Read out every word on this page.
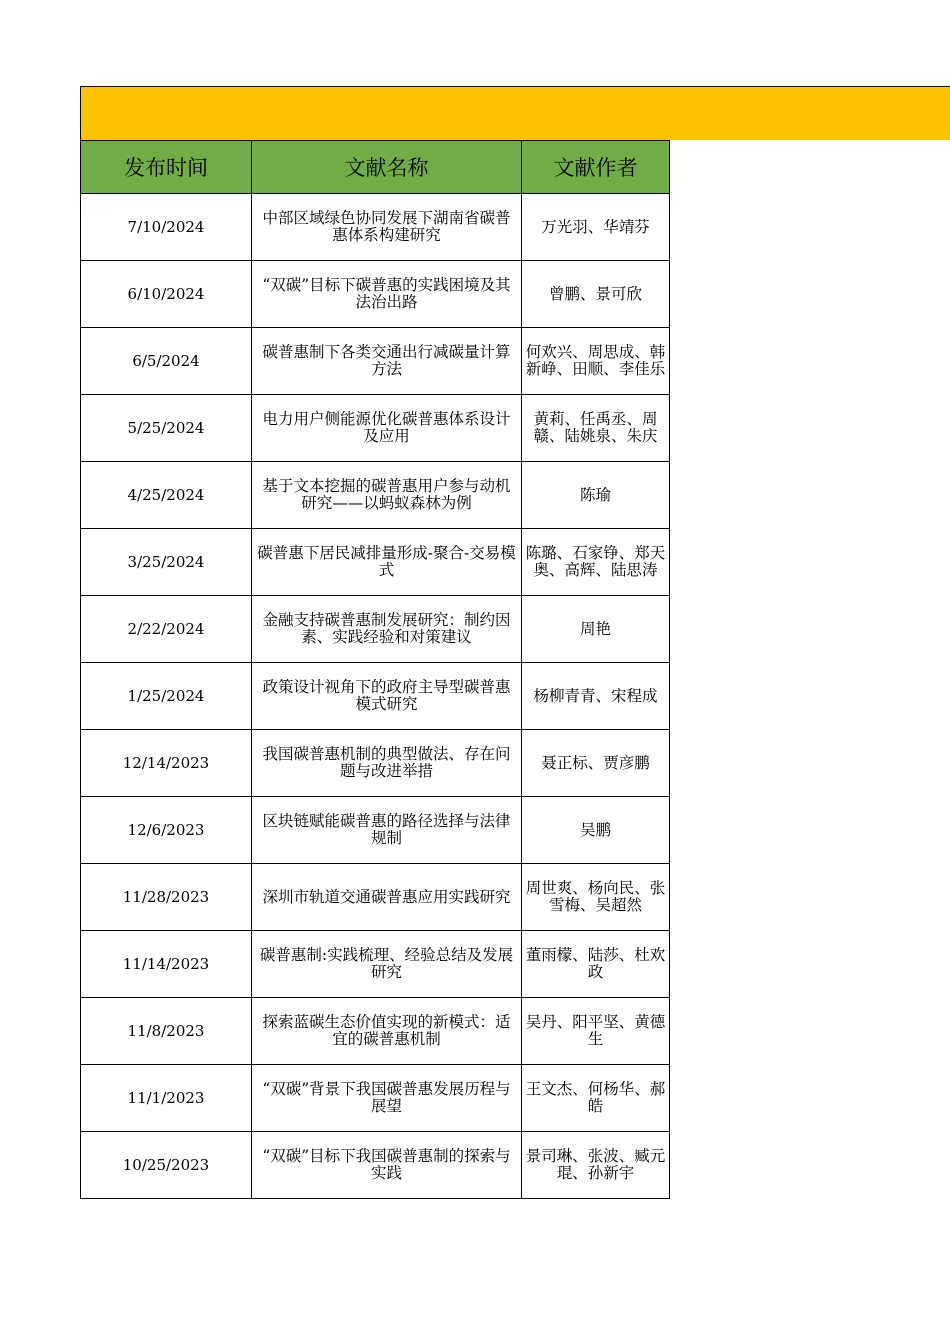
发布时间	文献名称	文献作者
7/10/2024	中部区域绿色协同发展下湖南省碳普惠体系构建研究	万光羽、华靖芬
6/10/2024	“双碳”目标下碳普惠的实践困境及其法治出路	曾鹏、景可欣
6/5/2024	碳普惠制下各类交通出行减碳量计算方法	何欢兴、周思成、韩新峥、田顺、李佳乐
5/25/2024	电力用户侧能源优化碳普惠体系设计及应用	黄莉、任禹丞、周赣、陆姚泉、朱庆
4/25/2024	基于文本挖掘的碳普惠用户参与动机研究——以蚂蚁森林为例	陈瑜
3/25/2024	碳普惠下居民减排量形成-聚合-交易模式	陈璐、石家铮、郑天奥、高辉、陆思涛
2/22/2024	金融支持碳普惠制发展研究：制约因素、实践经验和对策建议	周艳
1/25/2024	政策设计视角下的政府主导型碳普惠模式研究	杨柳青青、宋程成
12/14/2023	我国碳普惠机制的典型做法、存在问题与改进举措	聂正标、贾彦鹏
12/6/2023	区块链赋能碳普惠的路径选择与法律规制	吴鹏
11/28/2023	深圳市轨道交通碳普惠应用实践研究	周世爽、杨向民、张雪梅、吴超然
11/14/2023	碳普惠制:实践梳理、经验总结及发展研究	董雨檬、陆莎、杜欢政
11/8/2023	探索蓝碳生态价值实现的新模式：适宜的碳普惠机制	吴丹、阳平坚、黄德生
11/1/2023	“双碳”背景下我国碳普惠发展历程与展望	王文杰、何杨华、郝皓
10/25/2023	“双碳”目标下我国碳普惠制的探索与实践	景司琳、张波、臧元琨、孙新宇
